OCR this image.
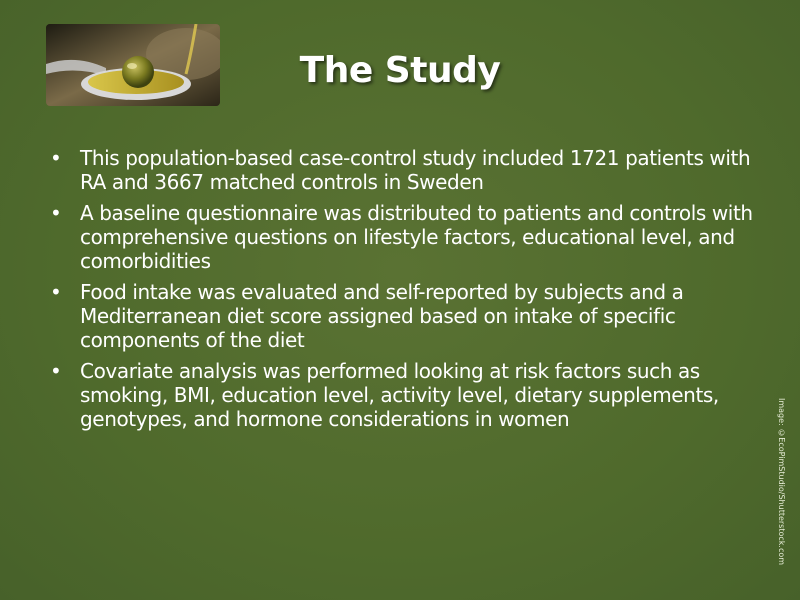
The Study
• This population-based case-control study included 1721 patients with RA and 3667 matched controls in Sweden
• A baseline questionnaire was distributed to patients and controls with comprehensive questions on lifestyle factors, educational level, and comorbidities
• Food intake was evaluated and self-reported by subjects and a Mediterranean diet score assigned based on intake of specific components of the diet
• Covariate analysis was performed looking at risk factors such as smoking, BMI, education level, activity level, dietary supplements, genotypes, and hormone considerations in women	Image: ©EcoPimStudio/Shutterstock.com
